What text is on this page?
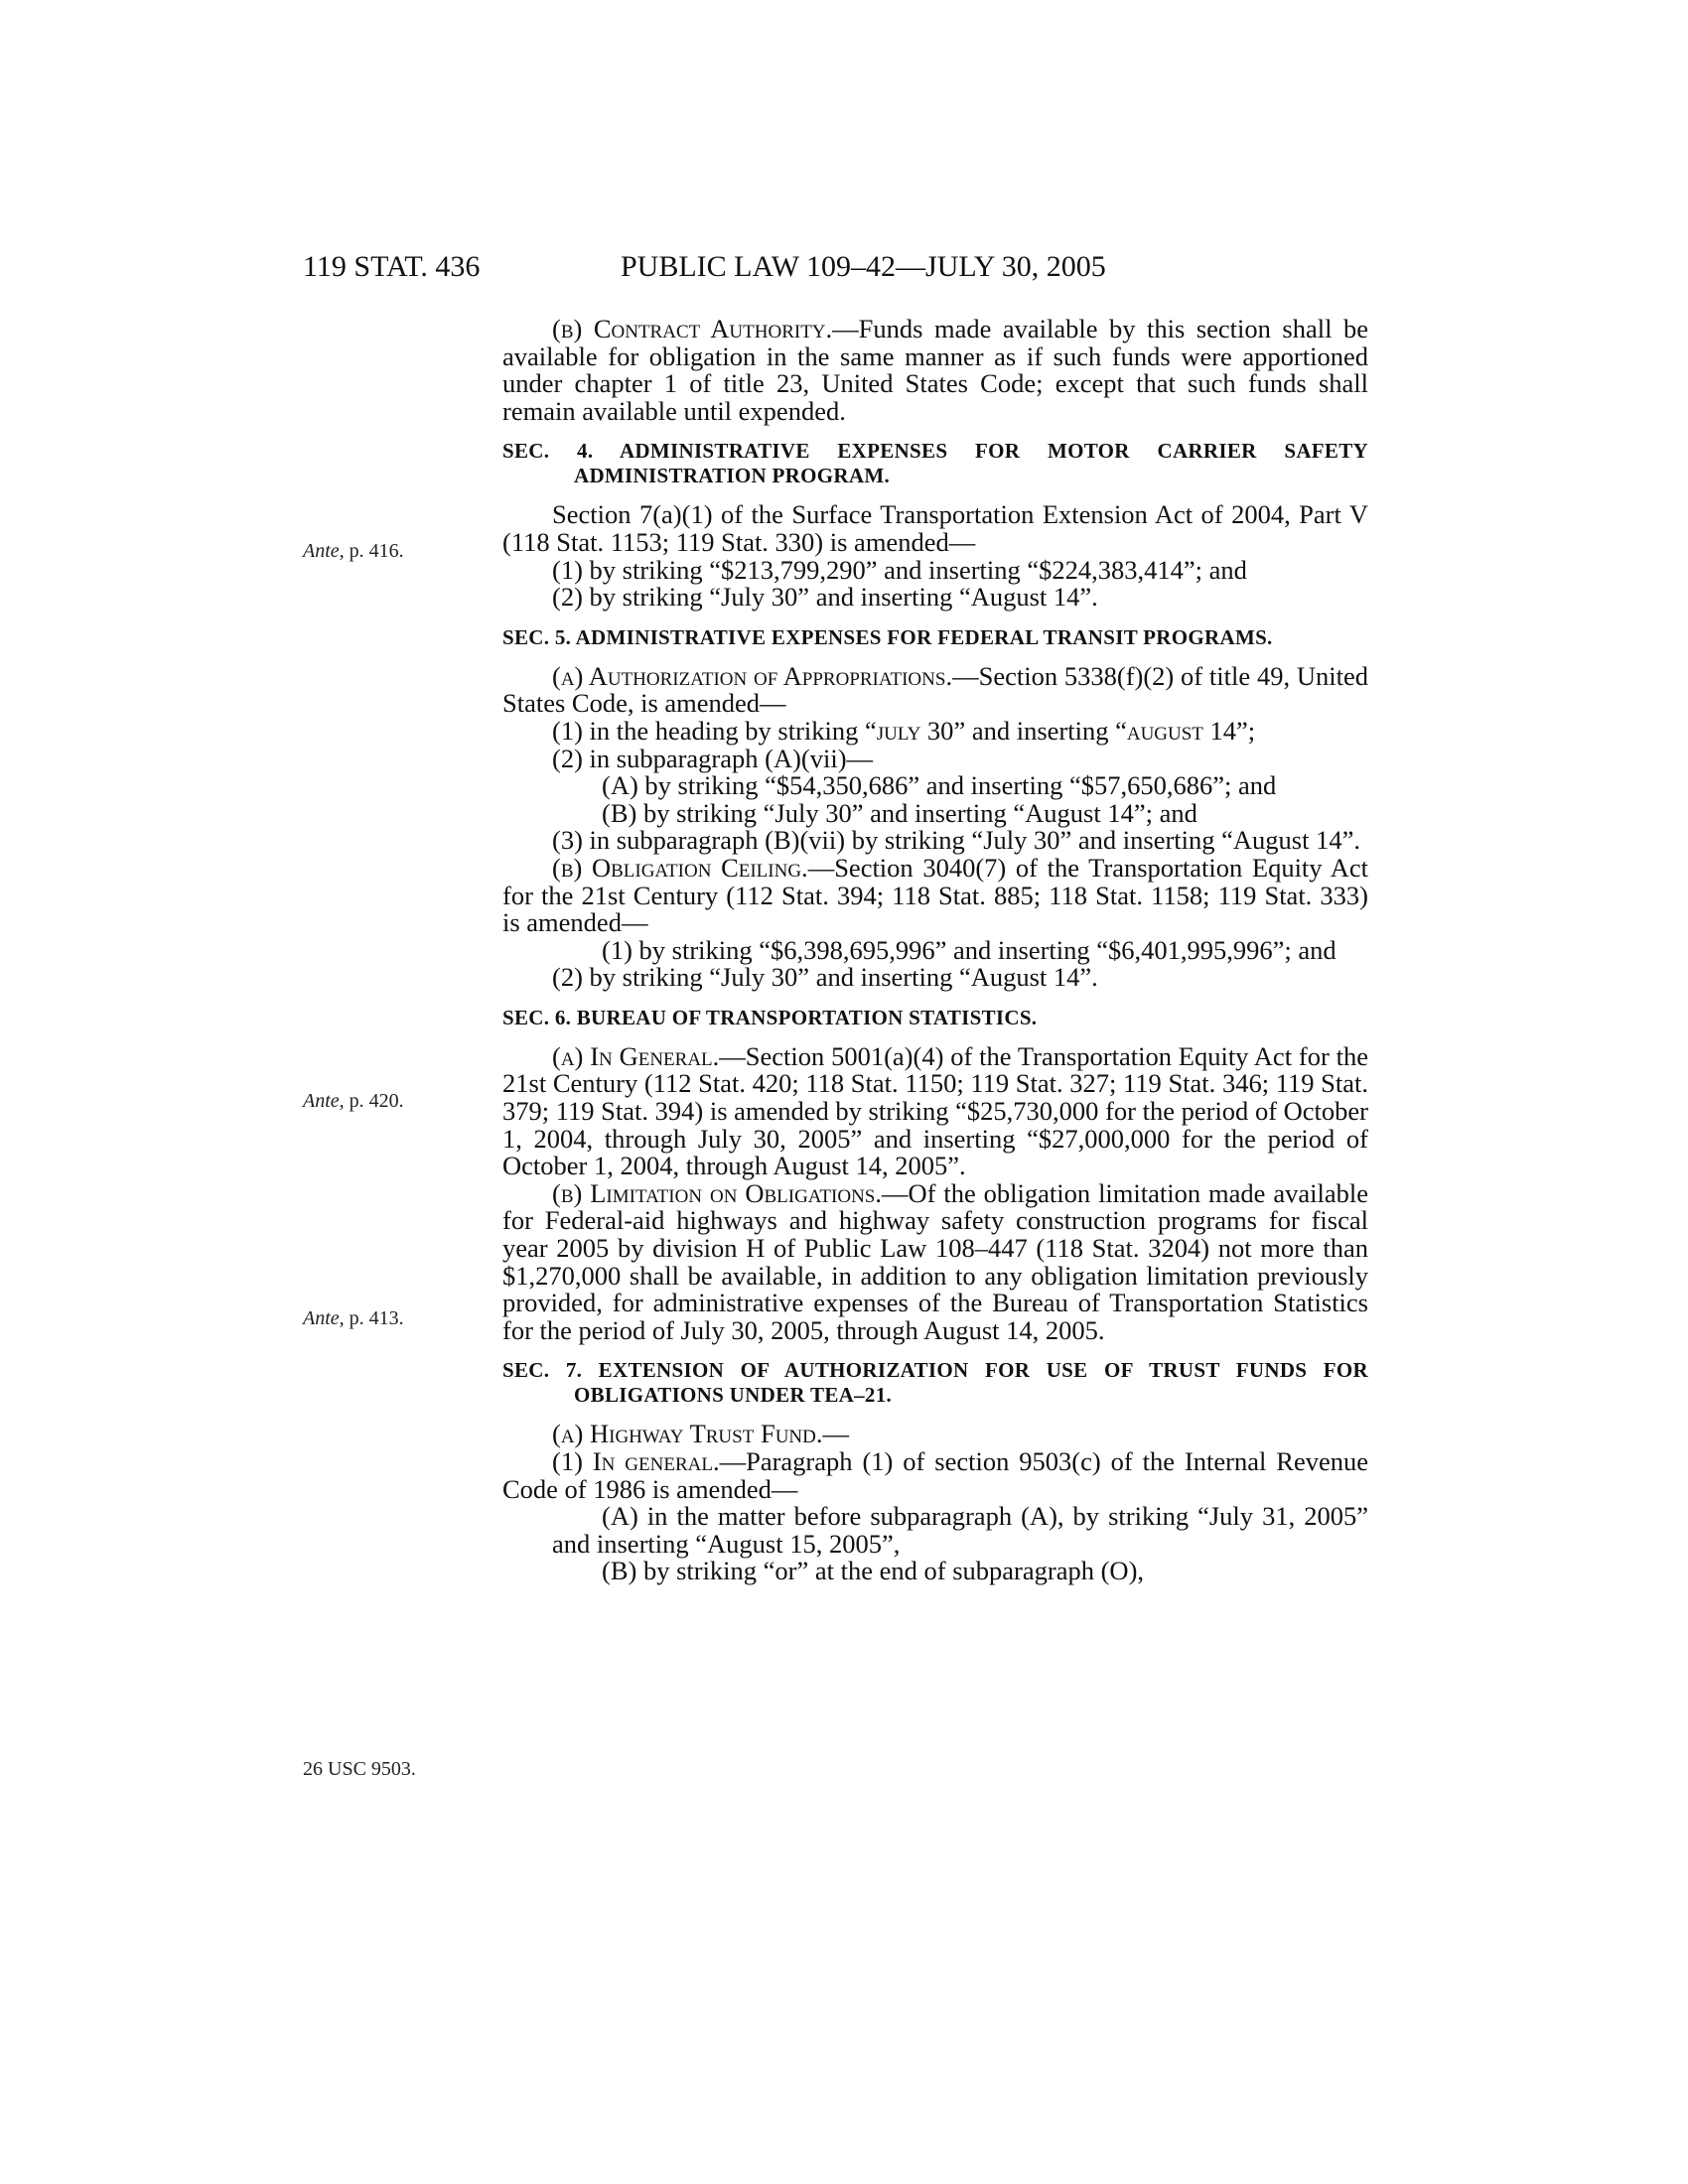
119 STAT. 436	PUBLIC LAW 109–42—JULY 30, 2005
Ante, p. 416.
Ante, p. 420.
Ante, p. 413.
26 USC 9503.

(b) Contract Authority.—Funds made available by this section shall be available for obligation in the same manner as if such funds were apportioned under chapter 1 of title 23, United States Code; except that such funds shall remain available until expended.

SEC. 4. ADMINISTRATIVE EXPENSES FOR MOTOR CARRIER SAFETY ADMINISTRATION PROGRAM.

Section 7(a)(1) of the Surface Transportation Extension Act of 2004, Part V (118 Stat. 1153; 119 Stat. 330) is amended—

(1) by striking “$213,799,290” and inserting “$224,383,414”; and

(2) by striking “July 30” and inserting “August 14”.

SEC. 5. ADMINISTRATIVE EXPENSES FOR FEDERAL TRANSIT PROGRAMS.

(a) Authorization of Appropriations.—Section 5338(f)(2) of title 49, United States Code, is amended—

(1) in the heading by striking “july 30” and inserting “august 14”;

(2) in subparagraph (A)(vii)—

(A) by striking “$54,350,686” and inserting “$57,650,686”; and

(B) by striking “July 30” and inserting “August 14”; and

(3) in subparagraph (B)(vii) by striking “July 30” and inserting “August 14”.

(b) Obligation Ceiling.—Section 3040(7) of the Transportation Equity Act for the 21st Century (112 Stat. 394; 118 Stat. 885; 118 Stat. 1158; 119 Stat. 333) is amended—

(1) by striking “$6,398,695,996” and inserting “$6,401,995,996”; and

(2) by striking “July 30” and inserting “August 14”.

SEC. 6. BUREAU OF TRANSPORTATION STATISTICS.

(a) In General.—Section 5001(a)(4) of the Transportation Equity Act for the 21st Century (112 Stat. 420; 118 Stat. 1150; 119 Stat. 327; 119 Stat. 346; 119 Stat. 379; 119 Stat. 394) is amended by striking “$25,730,000 for the period of October 1, 2004, through July 30, 2005” and inserting “$27,000,000 for the period of October 1, 2004, through August 14, 2005”.

(b) Limitation on Obligations.—Of the obligation limitation made available for Federal-aid highways and highway safety construction programs for fiscal year 2005 by division H of Public Law 108–447 (118 Stat. 3204) not more than $1,270,000 shall be available, in addition to any obligation limitation previously provided, for administrative expenses of the Bureau of Transportation Statistics for the period of July 30, 2005, through August 14, 2005.

SEC. 7. EXTENSION OF AUTHORIZATION FOR USE OF TRUST FUNDS FOR OBLIGATIONS UNDER TEA–21.

(a) Highway Trust Fund.—

(1) In general.—Paragraph (1) of section 9503(c) of the Internal Revenue Code of 1986 is amended—

(A) in the matter before subparagraph (A), by striking “July 31, 2005” and inserting “August 15, 2005”,

(B) by striking “or” at the end of subparagraph (O),
